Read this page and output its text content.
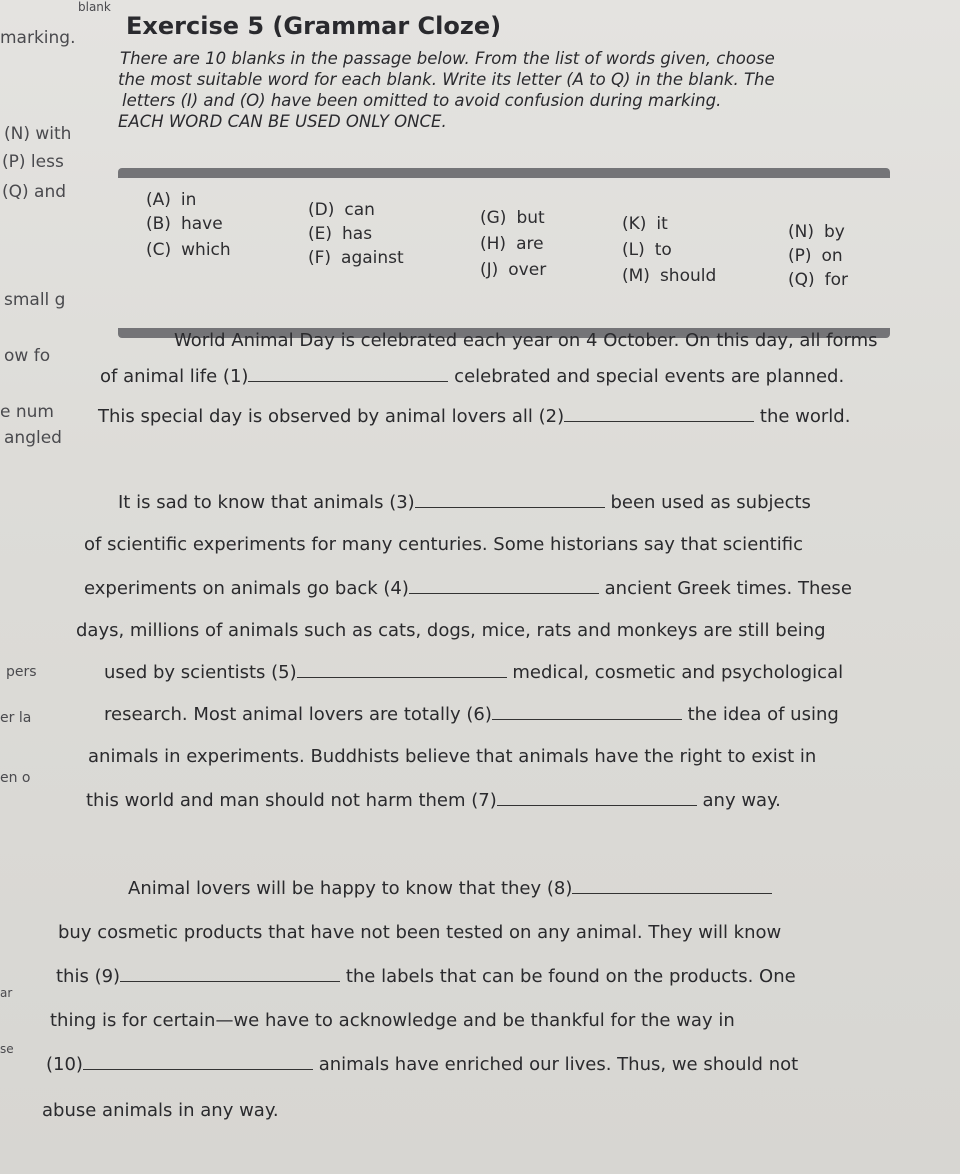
blank
marking.
(N) with
(P) less
(Q) and
small g
ow fo
e num
angled
pers
er la
en o
ar
se
Exercise 5 (Grammar Cloze)
There are 10 blanks in the passage below. From the list of words given, choose
the most suitable word for each blank. Write its letter (A to Q) in the blank. The
letters (I) and (O) have been omitted to avoid confusion during marking.
EACH WORD CAN BE USED ONLY ONCE.
(A) in
(B) have
(C) which
(D) can
(E) has
(F) against
(G) but
(H) are
(J) over
(K) it
(L) to
(M) should
(N) by
(P) on
(Q) for
World Animal Day is celebrated each year on 4 October. On this day, all forms
of animal life (1)	celebrated and special events are planned.
This special day is observed by animal lovers all (2)	the world.
It is sad to know that animals (3)	been used as subjects
of scientific experiments for many centuries. Some historians say that scientific
experiments on animals go back (4)	ancient Greek times. These
days, millions of animals such as cats, dogs, mice, rats and monkeys are still being
used by scientists (5)	medical, cosmetic and psychological
research. Most animal lovers are totally (6)	the idea of using
animals in experiments. Buddhists believe that animals have the right to exist in
this world and man should not harm them (7)	any way.
Animal lovers will be happy to know that they (8)
buy cosmetic products that have not been tested on any animal. They will know
this (9)	the labels that can be found on the products. One
thing is for certain—we have to acknowledge and be thankful for the way in
(10)	animals have enriched our lives. Thus, we should not
abuse animals in any way.
